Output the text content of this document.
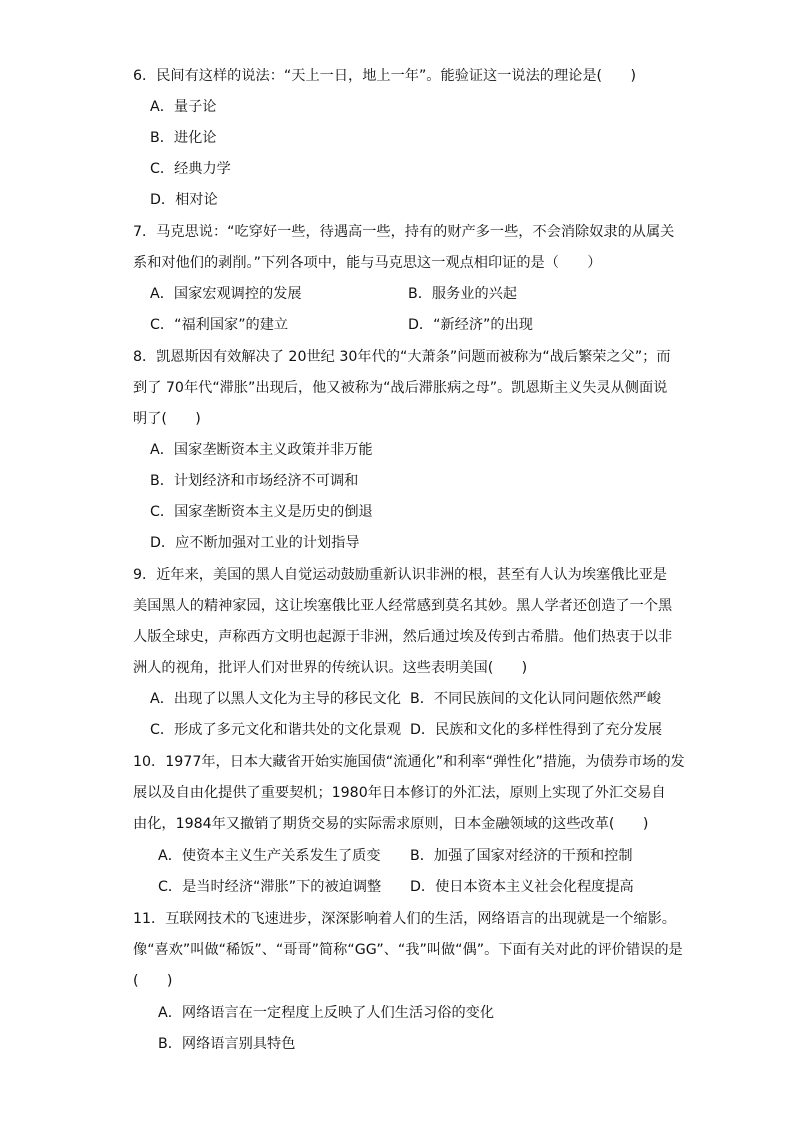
6．民间有这样的说法：“天上一日，地上一年”。能验证这一说法的理论是(　　)
A．量子论
B．进化论
C．经典力学
D．相对论
7．马克思说：“吃穿好一些，待遇高一些，持有的财产多一些，不会消除奴隶的从属关
系和对他们的剥削。”下列各项中，能与马克思这一观点相印证的是（　　）
A．国家宏观调控的发展	B．服务业的兴起
C．“福利国家”的建立	D．“新经济”的出现
8．凯恩斯因有效解决了 20世纪 30年代的“大萧条”问题而被称为“战后繁荣之父”；而
到了 70年代“滞胀”出现后，他又被称为“战后滞胀病之母”。凯恩斯主义失灵从侧面说
明了(　　)
A．国家垄断资本主义政策并非万能
B．计划经济和市场经济不可调和
C．国家垄断资本主义是历史的倒退
D．应不断加强对工业的计划指导
9．近年来，美国的黑人自觉运动鼓励重新认识非洲的根，甚至有人认为埃塞俄比亚是
美国黑人的精神家园，这让埃塞俄比亚人经常感到莫名其妙。黑人学者还创造了一个黑
人版全球史，声称西方文明也起源于非洲，然后通过埃及传到古希腊。他们热衷于以非
洲人的视角，批评人们对世界的传统认识。这些表明美国(　　)
A．出现了以黑人文化为主导的移民文化 B．不同民族间的文化认同问题依然严峻
C．形成了多元文化和谐共处的文化景观 D．民族和文化的多样性得到了充分发展
10．1977年，日本大藏省开始实施国债“流通化”和利率“弹性化”措施，为债券市场的发
展以及自由化提供了重要契机；1980年日本修订的外汇法，原则上实现了外汇交易自
由化，1984年又撤销了期货交易的实际需求原则，日本金融领域的这些改革(　　)
A．使资本主义生产关系发生了质变 B．加强了国家对经济的干预和控制
C．是当时经济“滞胀”下的被迫调整 D．使日本资本主义社会化程度提高
11．互联网技术的飞速进步，深深影响着人们的生活，网络语言的出现就是一个缩影。
像“喜欢”叫做“稀饭”、“哥哥”简称“GG”、“我”叫做“偶”。下面有关对此的评价错误的是
(　　)
A．网络语言在一定程度上反映了人们生活习俗的变化
B．网络语言别具特色
